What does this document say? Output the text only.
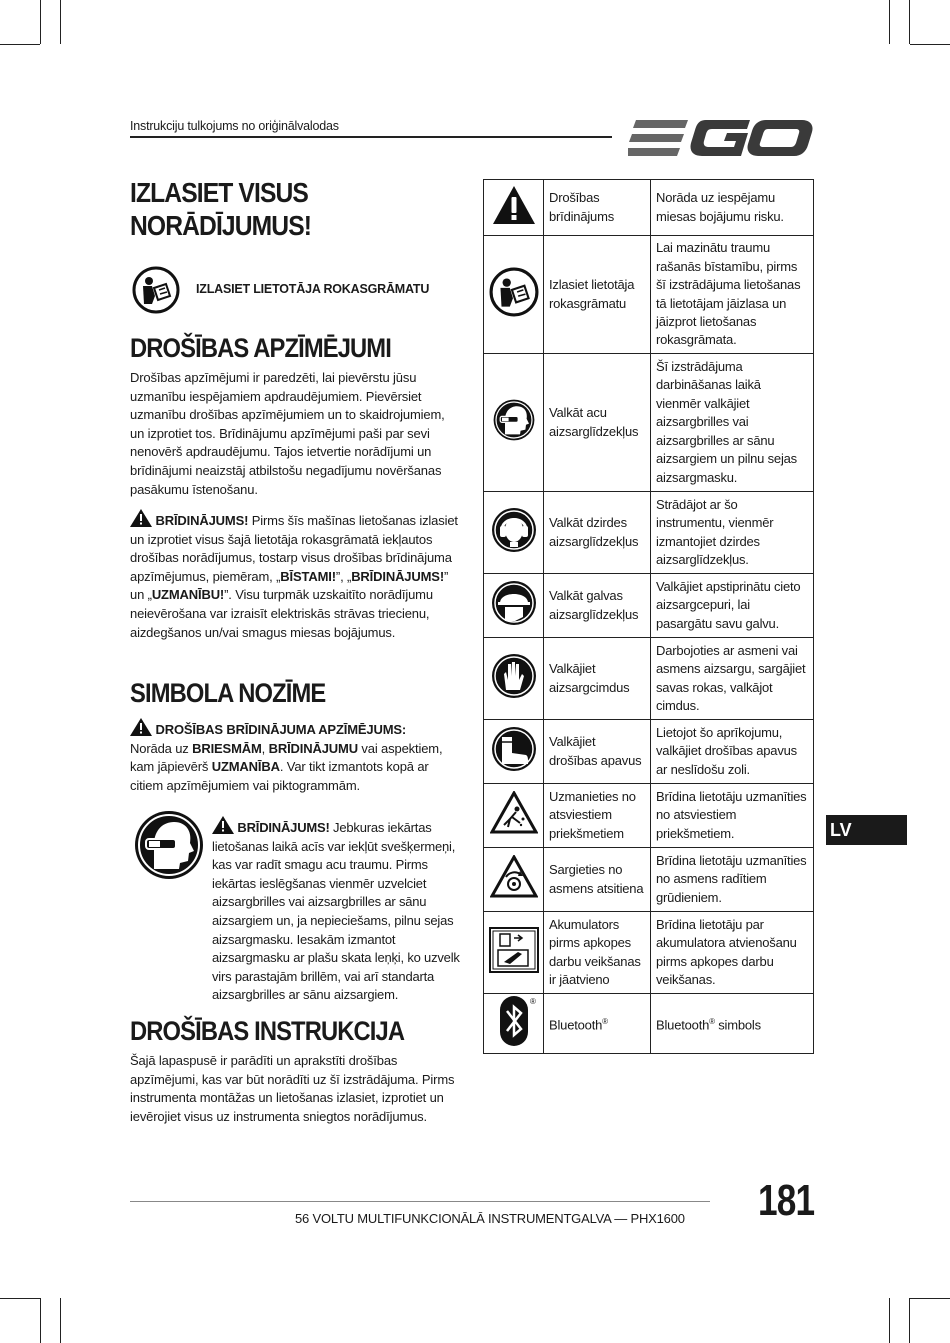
Instrukciju tulkojums no oriģinālvalodas
IZLASIET VISUS NORĀDĪJUMUS!
IZLASIET LIETOTĀJA ROKASGRĀMATU
DROŠĪBAS APZĪMĒJUMI
Drošības apzīmējumi ir paredzēti, lai pievērstu jūsu uzmanību iespējamiem apdraudējumiem. Pievērsiet uzmanību drošības apzīmējumiem un to skaidrojumiem, un izprotiet tos. Brīdinājumu apzīmējumi paši par sevi nenovērš apdraudējumu. Tajos ietvertie norādījumi un brīdinājumi neaizstāj atbilstošu negadījumu novēršanas pasākumu īstenošanu.
BRĪDINĀJUMS! Pirms šīs mašīnas lietošanas izlasiet un izprotiet visus šajā lietotāja rokasgrāmatā iekļautos drošības norādījumus, tostarp visus drošības brīdinājuma apzīmējumus, piemēram, „BĪSTAMI!”, „BRĪDINĀJUMS!” un „UZMANĪBU!”. Visu turpmāk uzskaitīto norādījumu neievērošana var izraisīt elektriskās strāvas triecienu, aizdegšanos un/vai smagus miesas bojājumus.
SIMBOLA NOZĪME
DROŠĪBAS BRĪDINĀJUMA APZĪMĒJUMS:
Norāda uz BRIESMĀM, BRĪDINĀJUMU vai aspektiem, kam jāpievērš UZMANĪBA. Var tikt izmantots kopā ar citiem apzīmējumiem vai piktogrammām.
BRĪDINĀJUMS! Jebkuras iekārtas lietošanas laikā acīs var iekļūt svešķermeņi, kas var radīt smagu acu traumu. Pirms iekārtas ieslēgšanas vienmēr uzvelciet aizsargbrilles vai aizsargbrilles ar sānu aizsargiem un, ja nepieciešams, pilnu sejas aizsargmasku. Iesakām izmantot aizsargmasku ar plašu skata leņķi, ko uzvelk virs parastajām brillēm, vai arī standarta aizsargbrilles ar sānu aizsargiem.
DROŠĪBAS INSTRUKCIJA
Šajā lapaspusē ir parādīti un aprakstīti drošības apzīmējumi, kas var būt norādīti uz šī izstrādājuma. Pirms instrumenta montāžas un lietošanas izlasiet, izprotiet un ievērojiet visus uz instrumenta sniegtos norādījumus.
	Drošības brīdinājums	Norāda uz iespējamu miesas bojājumu risku.
	Izlasiet lietotāja rokasgrāmatu	Lai mazinātu traumu rašanās bīstamību, pirms šī izstrādājuma lietošanas tā lietotājam jāizlasa un jāizprot lietošanas rokasgrāmata.
	Valkāt acu aizsarglīdzekļus	Šī izstrādājuma darbināšanas laikā vienmēr valkājiet aizsargbrilles vai aizsargbrilles ar sānu aizsargiem un pilnu sejas aizsargmasku.
	Valkāt dzirdes aizsarglīdzekļus	Strādājot ar šo instrumentu, vienmēr izmantojiet dzirdes aizsarglīdzekļus.
	Valkāt galvas aizsarglīdzekļus	Valkājiet apstiprinātu cieto aizsargcepuri, lai pasargātu savu galvu.
	Valkājiet aizsargcimdus	Darbojoties ar asmeni vai asmens aizsargu, sargājiet savas rokas, valkājot cimdus.
	Valkājiet drošības apavus	Lietojot šo aprīkojumu, valkājiet drošības apavus ar neslīdošu zoli.
	Uzmanieties no atsviestiem priekšmetiem	Brīdina lietotāju uzmanīties no atsviestiem priekšmetiem.
	Sargieties no asmens atsitiena	Brīdina lietotāju uzmanīties no asmens radītiem grūdieniem.
	Akumulators pirms apkopes darbu veikšanas ir jāatvieno	Brīdina lietotāju par akumulatora atvienošanu pirms apkopes darbu veikšanas.

®	Bluetooth®	Bluetooth® simbols
LV
56 VOLTU MULTIFUNKCIONĀLĀ INSTRUMENTGALVA — PHX1600 181
